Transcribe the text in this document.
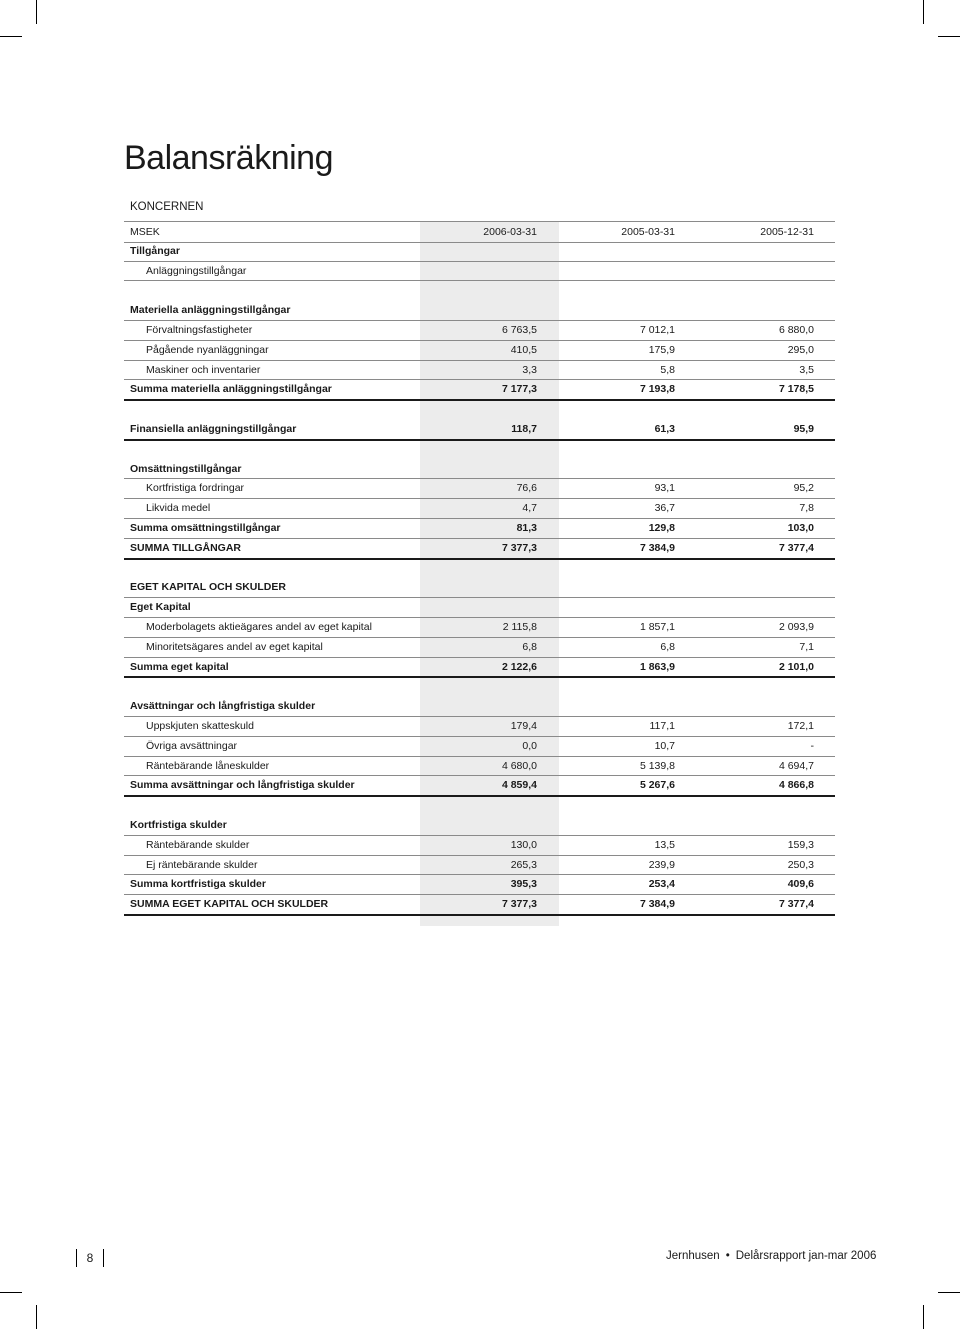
Balansräkning
KONCERNEN
MSEK	2006-03-31	2005-03-31	2005-12-31
Tillgångar
Anläggningstillgångar
Materiella anläggningstillgångar
Förvaltningsfastigheter	6 763,5	7 012,1	6 880,0
Pågående nyanläggningar	410,5	175,9	295,0
Maskiner och inventarier	3,3	5,8	3,5
Summa materiella anläggningstillgångar	7 177,3	7 193,8	7 178,5
Finansiella anläggningstillgångar	118,7	61,3	95,9
Omsättningstillgångar
Kortfristiga fordringar	76,6	93,1	95,2
Likvida medel	4,7	36,7	7,8
Summa omsättningstillgångar	81,3	129,8	103,0
SUMMA TILLGÅNGAR	7 377,3	7 384,9	7 377,4
EGET KAPITAL OCH SKULDER
Eget Kapital
Moderbolagets aktieägares andel av eget kapital	2 115,8	1 857,1	2 093,9
Minoritetsägares andel av eget kapital	6,8	6,8	7,1
Summa eget kapital	2 122,6	1 863,9	2 101,0
Avsättningar och långfristiga skulder
Uppskjuten skatteskuld	179,4	117,1	172,1
Övriga avsättningar	0,0	10,7	-
Räntebärande låneskulder	4 680,0	5 139,8	4 694,7
Summa avsättningar och långfristiga skulder	4 859,4	5 267,6	4 866,8
Kortfristiga skulder
Räntebärande skulder	130,0	13,5	159,3
Ej räntebärande skulder	265,3	239,9	250,3
Summa kortfristiga skulder	395,3	253,4	409,6
SUMMA EGET KAPITAL OCH SKULDER	7 377,3	7 384,9	7 377,4
8	Jernhusen • Delårsrapport jan-mar 2006
